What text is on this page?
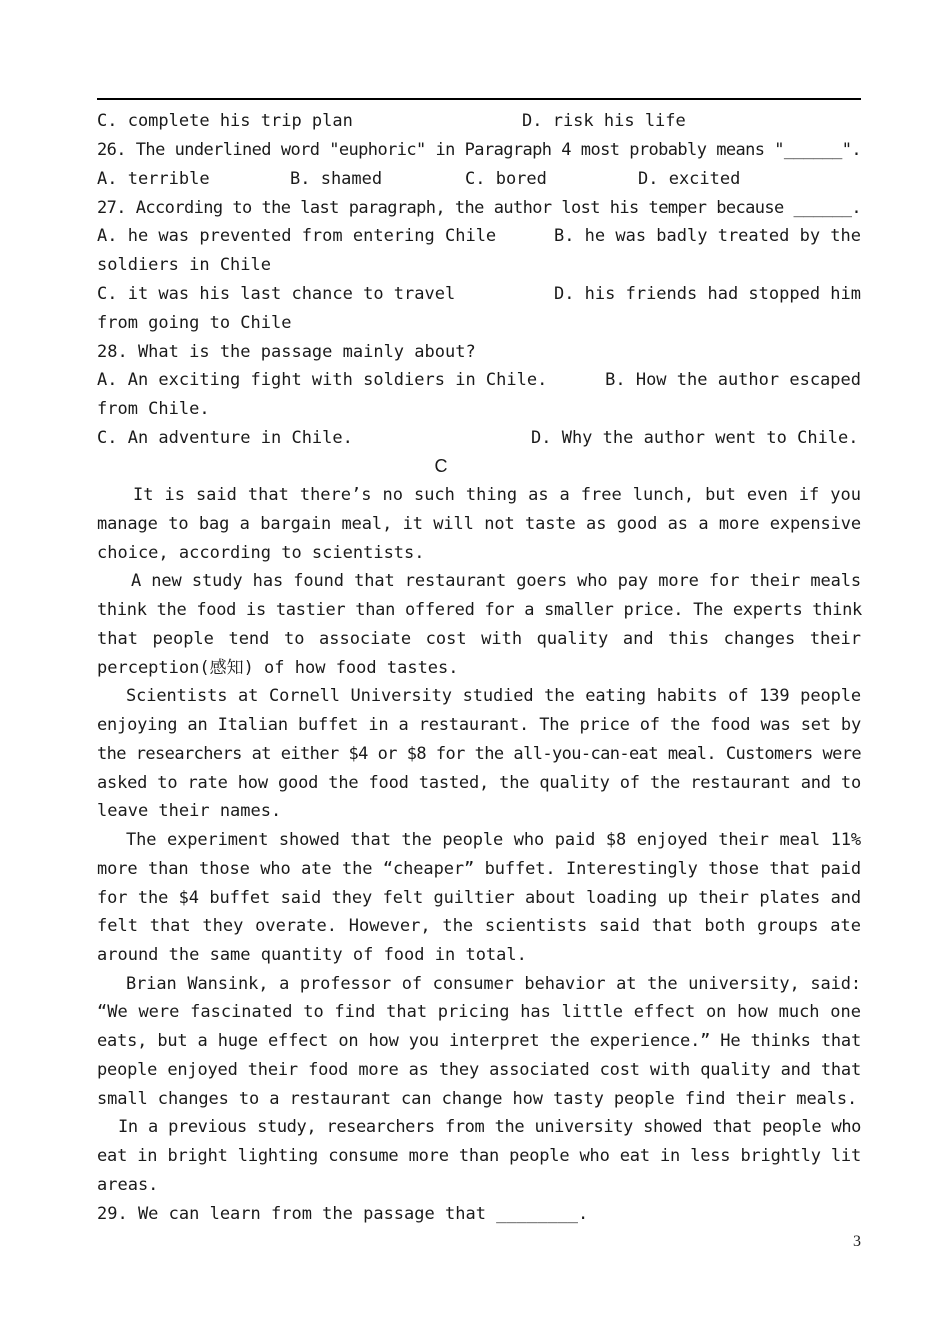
C. complete his trip plan	D. risk his life
26. The underlined word "euphoric" in Paragraph 4 most probably means "______".
A. terrible	B. shamed	C. bored	D. excited
27. According to the last paragraph, the author lost his temper because ______.
A. he was prevented from entering Chile	B. he was badly treated by the
soldiers in Chile
C. it was his last chance to travel	D. his friends had stopped him
from going to Chile
28. What is the passage mainly about?
A. An exciting fight with soldiers in Chile.	B. How the author escaped
from Chile.
C. An adventure in Chile.	D. Why the author went to Chile.
C
It is said that there’s no such thing as a free lunch, but even if you
manage to bag a bargain meal, it will not taste as good as a more expensive
choice, according to scientists.
A new study has found that restaurant goers who pay more for their meals
think the food is tastier than offered for a smaller price. The experts think
that people tend to associate cost with quality and this changes their
perception(感知) of how food tastes.
Scientists at Cornell University studied the eating habits of 139 people
enjoying an Italian buffet in a restaurant. The price of the food was set by
the researchers at either $4 or $8 for the all-you-can-eat meal. Customers were
asked to rate how good the food tasted, the quality of the restaurant and to
leave their names.
The experiment showed that the people who paid $8 enjoyed their meal 11%
more than those who ate the “cheaper” buffet. Interestingly those that paid
for the $4 buffet said they felt guiltier about loading up their plates and
felt that they overate. However, the scientists said that both groups ate
around the same quantity of food in total.
Brian Wansink, a professor of consumer behavior at the university, said:
“We were fascinated to find that pricing has little effect on how much one
eats, but a huge effect on how you interpret the experience.” He thinks that
people enjoyed their food more as they associated cost with quality and that
small changes to a restaurant can change how tasty people find their meals.
In a previous study, researchers from the university showed that people who
eat in bright lighting consume more than people who eat in less brightly lit
areas.
29. We can learn from the passage that ________.
3
